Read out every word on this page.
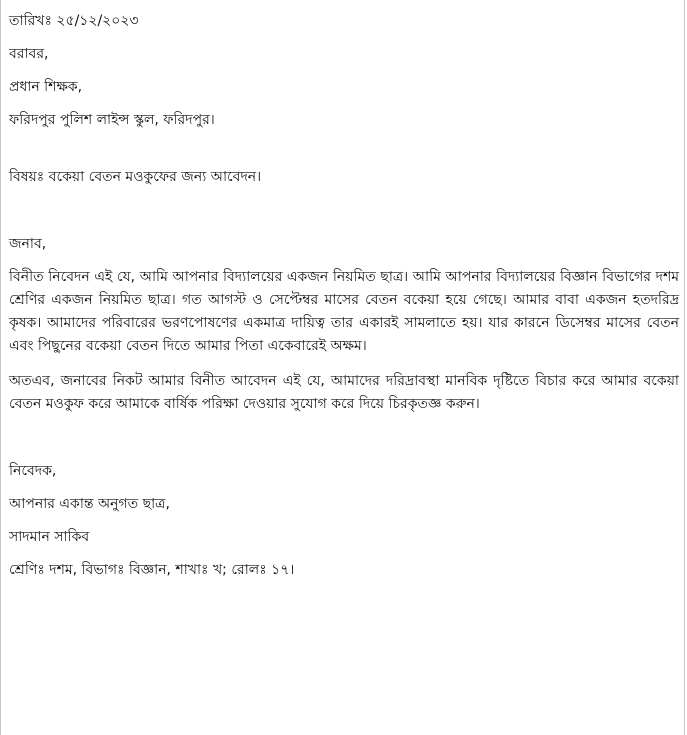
তারিখঃ ২৫/১২/২০২৩
বরাবর,
প্রধান শিক্ষক,
ফরিদপুর পুলিশ লাইন্স স্কুল, ফরিদপুর।
বিষয়ঃ বকেয়া বেতন মওকুফের জন্য আবেদন।
জনাব,
বিনীত নিবেদন এই যে, আমি আপনার বিদ্যালয়ের একজন নিয়মিত ছাত্র। আমি আপনার বিদ্যালয়ের বিজ্ঞান বিভাগের দশম শ্রেণির একজন নিয়মিত ছাত্র। গত আগস্ট ও সেপ্টেম্বর মাসের বেতন বকেয়া হয়ে গেছে। আমার বাবা একজন হতদরিদ্র কৃষক। আমাদের পরিবারের ভরণপোষণের একমাত্র দায়িত্ব তার একারই সামলাতে হয়। যার কারনে ডিসেম্বর মাসের বেতন এবং পিছুনের বকেয়া বেতন দিতে আমার পিতা একেবারেই অক্ষম।
অতএব, জনাবের নিকট আমার বিনীত আবেদন এই যে, আমাদের দরিদ্রাবস্থা মানবিক দৃষ্টিতে বিচার করে আমার বকেয়া বেতন মওকুফ করে আমাকে বার্ষিক পরিক্ষা দেওয়ার সুযোগ করে দিয়ে চিরকৃতজ্ঞ করুন।
নিবেদক,
আপনার একান্ত অনুগত ছাত্র,
সাদমান সাকিব
শ্রেণিঃ দশম, বিভাগঃ বিজ্ঞান, শাখাঃ খ; রোলঃ ১৭।
